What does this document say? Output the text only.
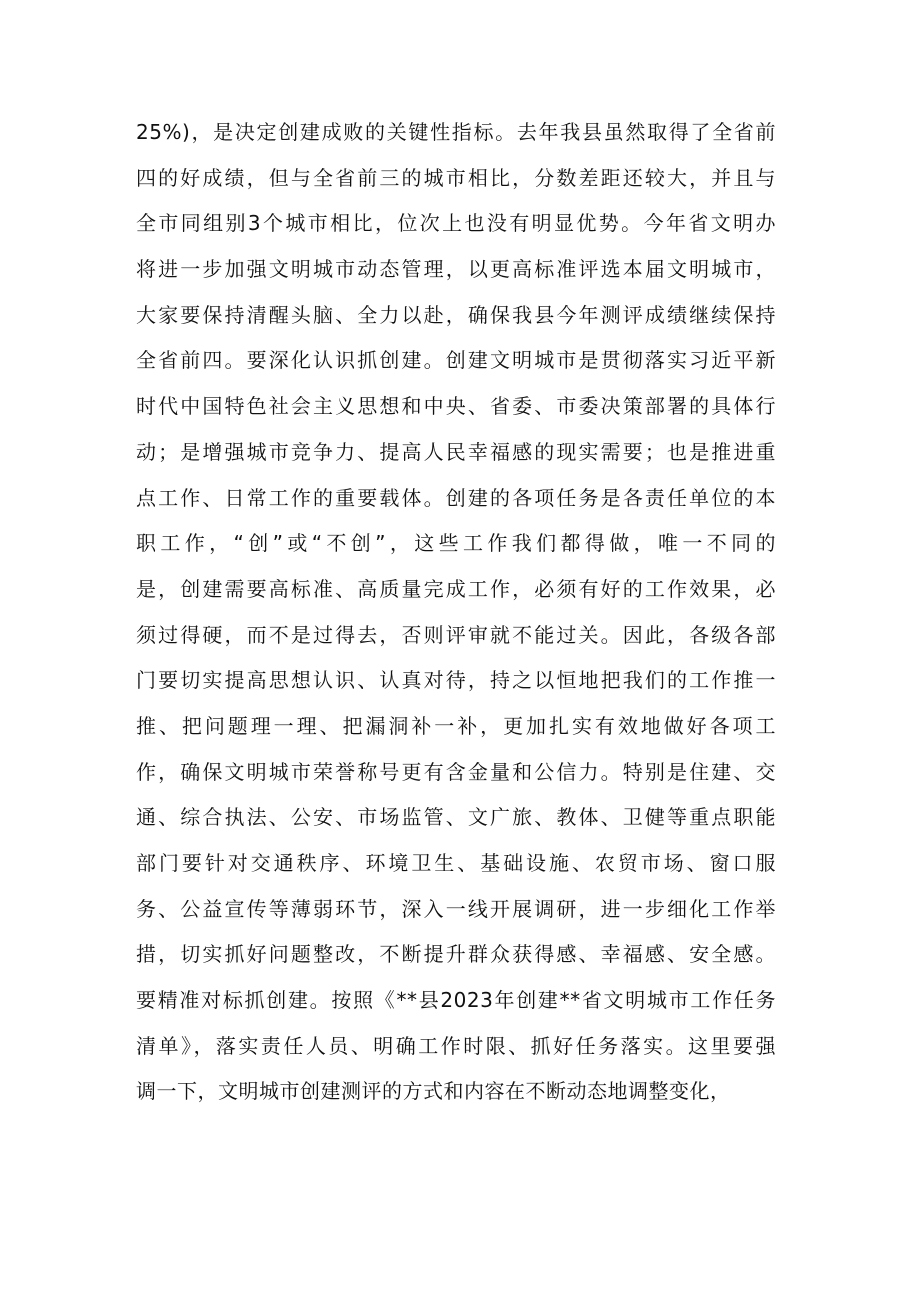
25%)，是决定创建成败的关键性指标。去年我县虽然取得了全省前
四的好成绩，但与全省前三的城市相比，分数差距还较大，并且与
全市同组别3个城市相比，位次上也没有明显优势。今年省文明办
将进一步加强文明城市动态管理，以更高标准评选本届文明城市，
大家要保持清醒头脑、全力以赴，确保我县今年测评成绩继续保持
全省前四。要深化认识抓创建。创建文明城市是贯彻落实习近平新
时代中国特色社会主义思想和中央、省委、市委决策部署的具体行
动；是增强城市竞争力、提高人民幸福感的现实需要；也是推进重
点工作、日常工作的重要载体。创建的各项任务是各责任单位的本
职工作，“创”或“不创”，这些工作我们都得做，唯一不同的
是，创建需要高标准、高质量完成工作，必须有好的工作效果，必
须过得硬，而不是过得去，否则评审就不能过关。因此，各级各部
门要切实提高思想认识、认真对待，持之以恒地把我们的工作推一
推、把问题理一理、把漏洞补一补，更加扎实有效地做好各项工
作，确保文明城市荣誉称号更有含金量和公信力。特别是住建、交
通、综合执法、公安、市场监管、文广旅、教体、卫健等重点职能
部门要针对交通秩序、环境卫生、基础设施、农贸市场、窗口服
务、公益宣传等薄弱环节，深入一线开展调研，进一步细化工作举
措，切实抓好问题整改，不断提升群众获得感、幸福感、安全感。
要精准对标抓创建。按照《**县2023年创建**省文明城市工作任务
清单》，落实责任人员、明确工作时限、抓好任务落实。这里要强
调一下，文明城市创建测评的方式和内容在不断动态地调整变化，
